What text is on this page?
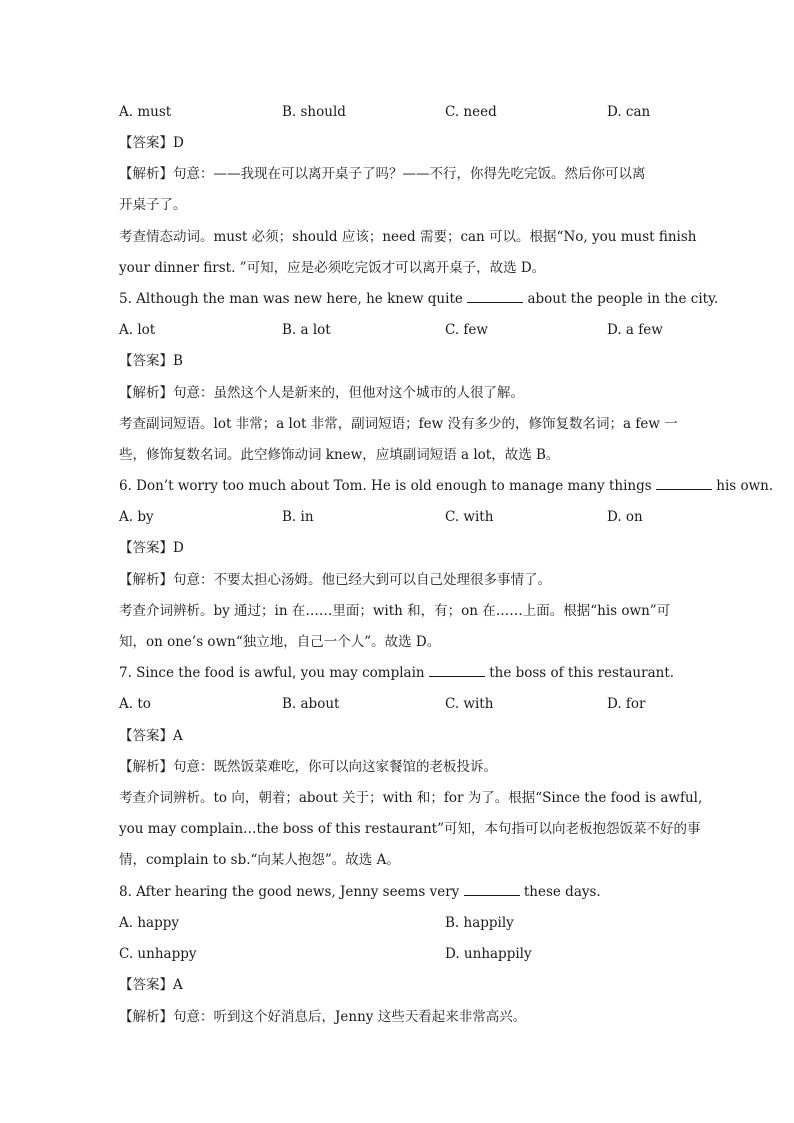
A. must	B. should	C. need	D. can
【答案】D
【解析】句意：——我现在可以离开桌子了吗？——不行，你得先吃完饭。然后你可以离
开桌子了。
考查情态动词。must 必须；should 应该；need 需要；can 可以。根据“No, you must finish
your dinner first. ”可知，应是必须吃完饭才可以离开桌子，故选 D。
5. Although the man was new here, he knew quite	about the people in the city.
A. lot	B. a lot	C. few	D. a few
【答案】B
【解析】句意：虽然这个人是新来的，但他对这个城市的人很了解。
考查副词短语。lot 非常；a lot 非常，副词短语；few 没有多少的，修饰复数名词；a few 一
些，修饰复数名词。此空修饰动词 knew，应填副词短语 a lot，故选 B。
6. Don’t worry too much about Tom. He is old enough to manage many things	his own.
A. by	B. in	C. with	D. on
【答案】D
【解析】句意：不要太担心汤姆。他已经大到可以自己处理很多事情了。
考查介词辨析。by 通过；in 在……里面；with 和，有；on 在……上面。根据“his own”可
知，on one’s own“独立地，自己一个人”。故选 D。
7. Since the food is awful, you may complain	the boss of this restaurant.
A. to	B. about	C. with	D. for
【答案】A
【解析】句意：既然饭菜难吃，你可以向这家餐馆的老板投诉。
考查介词辨析。to 向，朝着；about 关于；with 和；for 为了。根据“Since the food is awful,
you may complain…the boss of this restaurant”可知，本句指可以向老板抱怨饭菜不好的事
情，complain to sb.“向某人抱怨”。故选 A。
8. After hearing the good news, Jenny seems very	these days.
A. happy	B. happily
C. unhappy	D. unhappily
【答案】A
【解析】句意：听到这个好消息后，Jenny 这些天看起来非常高兴。
